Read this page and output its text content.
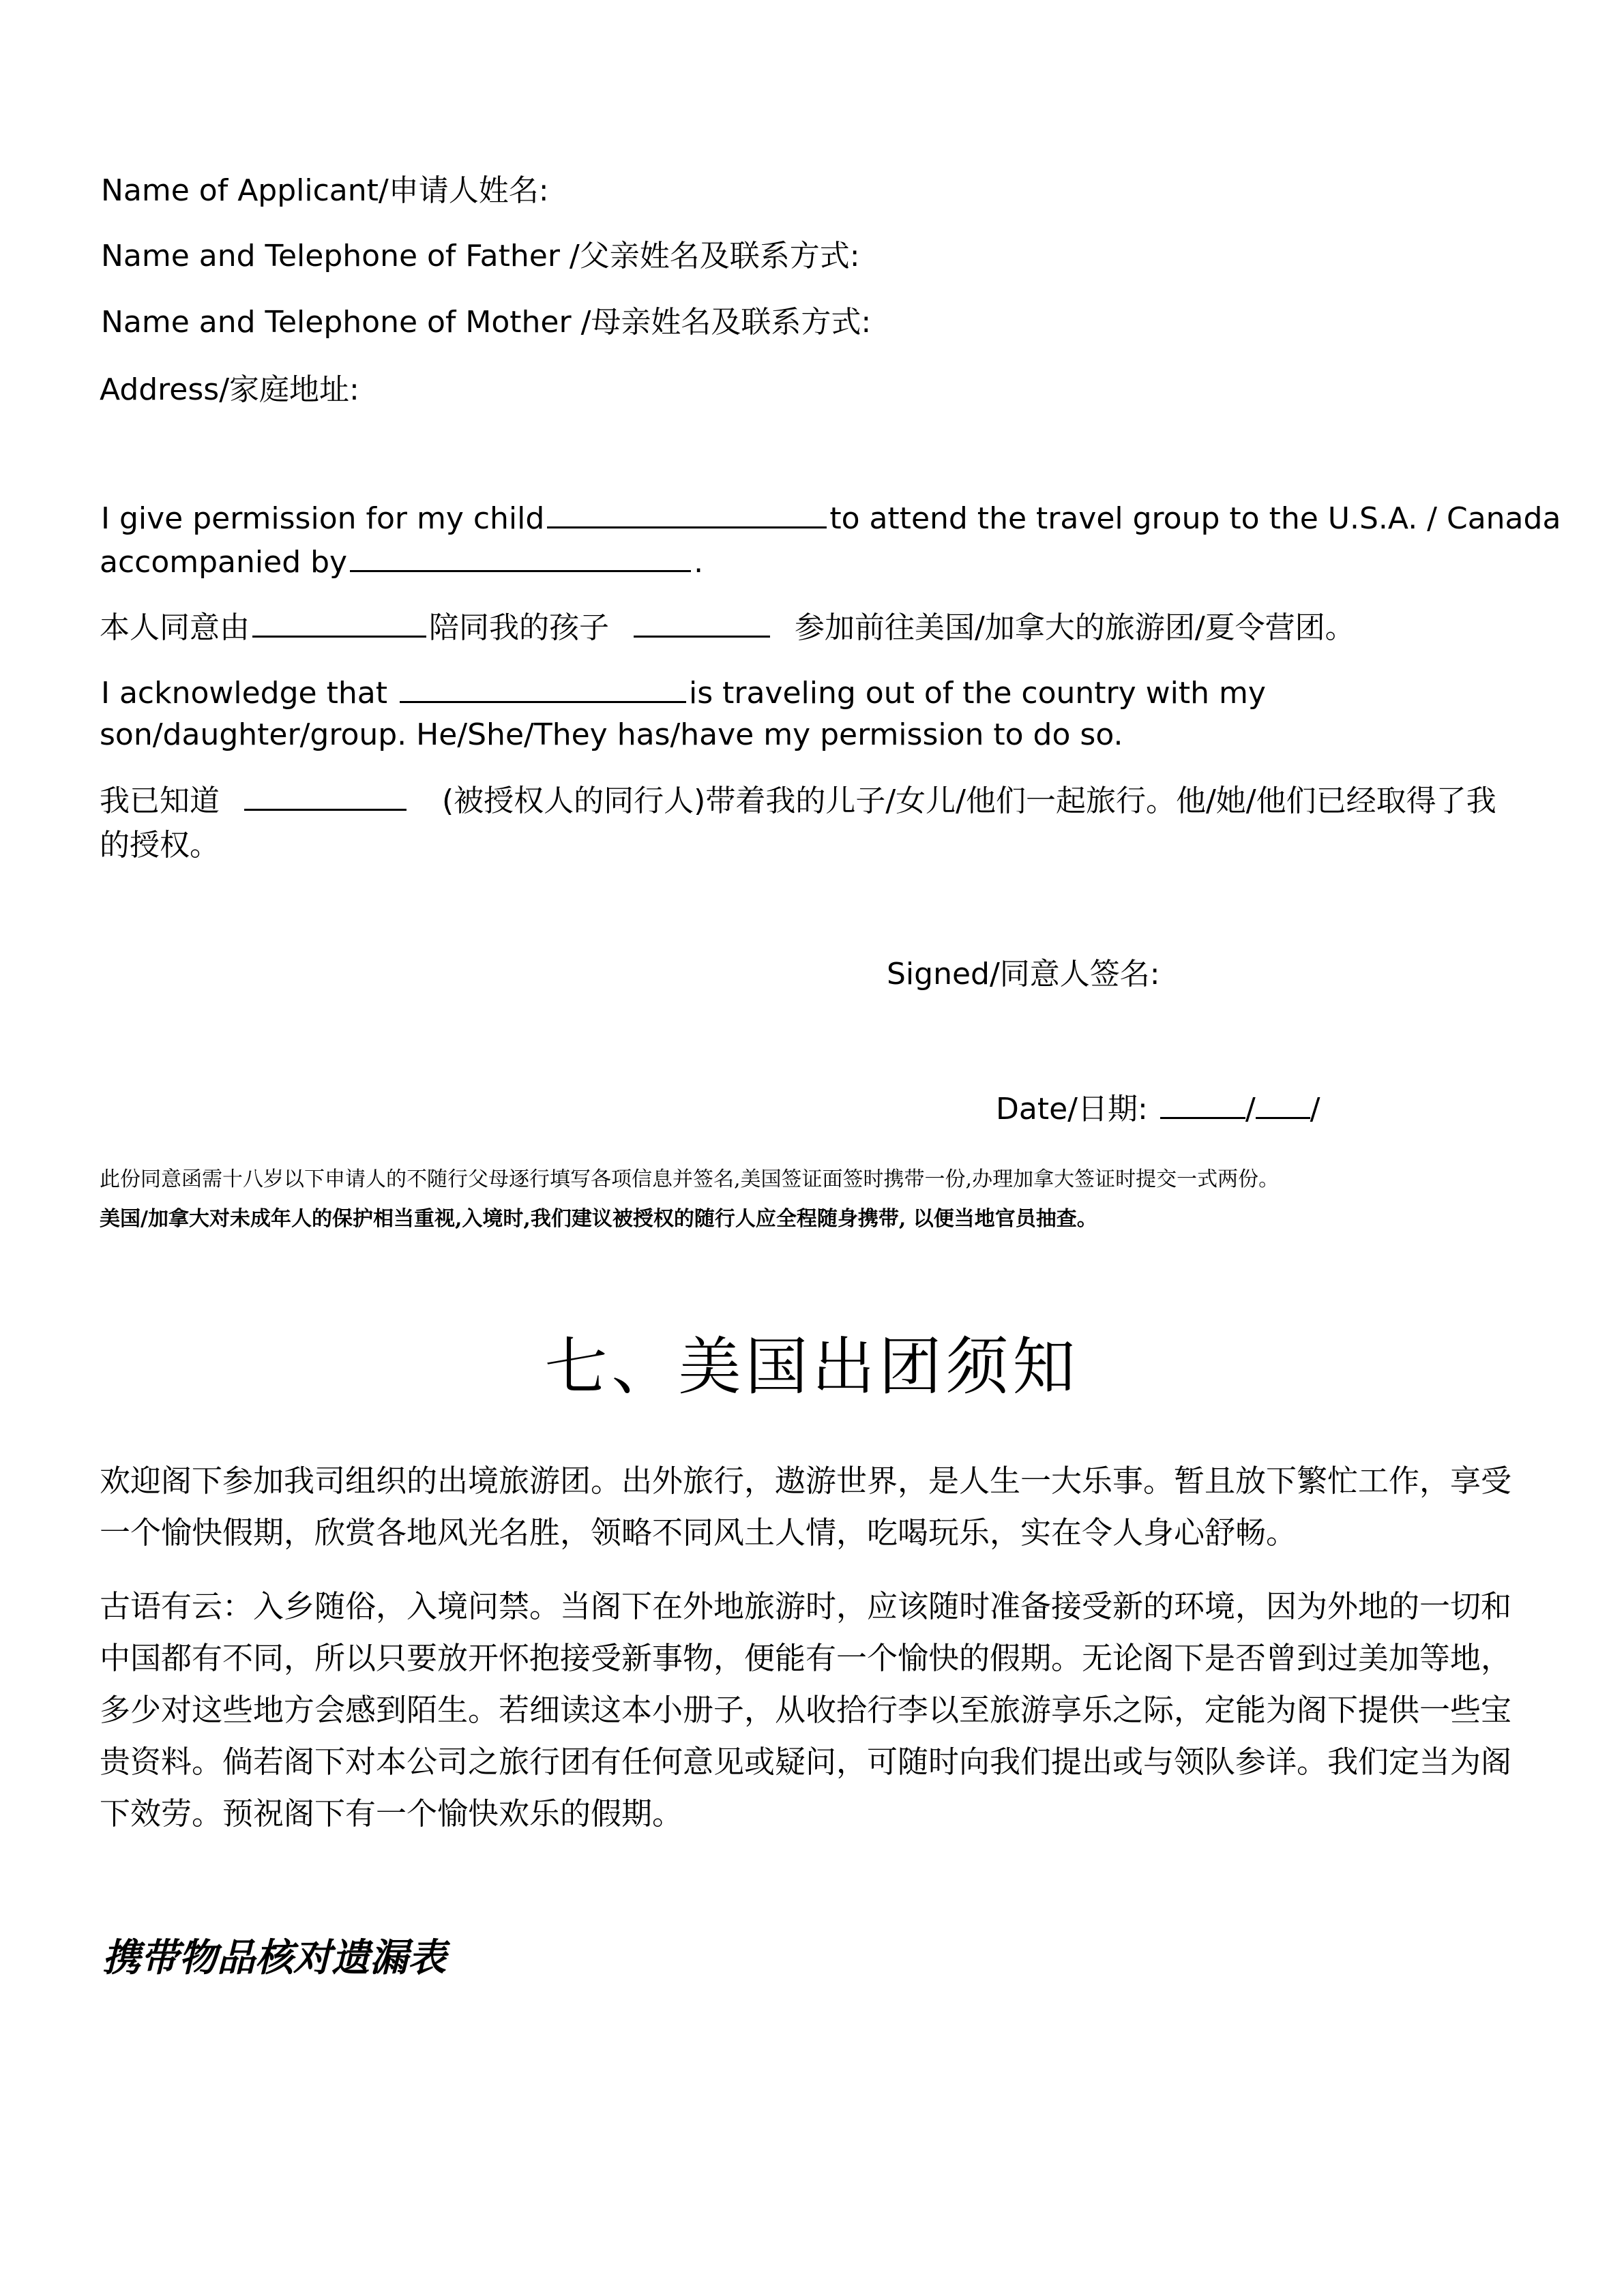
Name of Applicant/申请人姓名:
Name and Telephone of Father /父亲姓名及联系方式:
Name and Telephone of Mother /母亲姓名及联系方式:
Address/家庭地址:
I give permission for my child	to attend the travel group to the U.S.A. / Canada
accompanied by	.
本人同意由	陪同我的孩子	参加前往美国/加拿大的旅游团/夏令营团。
I acknowledge that	is traveling out of the country with my
son/daughter/group. He/She/They has/have my permission to do so.
我已知道	(被授权人的同行人)带着我的儿子/女儿/他们一起旅行。他/她/他们已经取得了我
的授权。
Signed/同意人签名:
Date/日期:	/ /
此份同意函需十八岁以下申请人的不随行父母逐行填写各项信息并签名,美国签证面签时携带一份,办理加拿大签证时提交一式两份。
美国/加拿大对未成年人的保护相当重视,入境时,我们建议被授权的随行人应全程随身携带, 以便当地官员抽查。
七、美国出团须知
欢迎阁下参加我司组织的出境旅游团。出外旅行，遨游世界，是人生一大乐事。暂且放下繁忙工作，享受一个愉快假期，欣赏各地风光名胜，领略不同风土人情，吃喝玩乐，实在令人身心舒畅。
古语有云：入乡随俗，入境问禁。当阁下在外地旅游时，应该随时准备接受新的环境，因为外地的一切和中国都有不同，所以只要放开怀抱接受新事物，便能有一个愉快的假期。无论阁下是否曾到过美加等地，多少对这些地方会感到陌生。若细读这本小册子，从收拾行李以至旅游享乐之际，定能为阁下提供一些宝贵资料。倘若阁下对本公司之旅行团有任何意见或疑问，可随时向我们提出或与领队参详。我们定当为阁下效劳。预祝阁下有一个愉快欢乐的假期。
携带物品核对遗漏表
